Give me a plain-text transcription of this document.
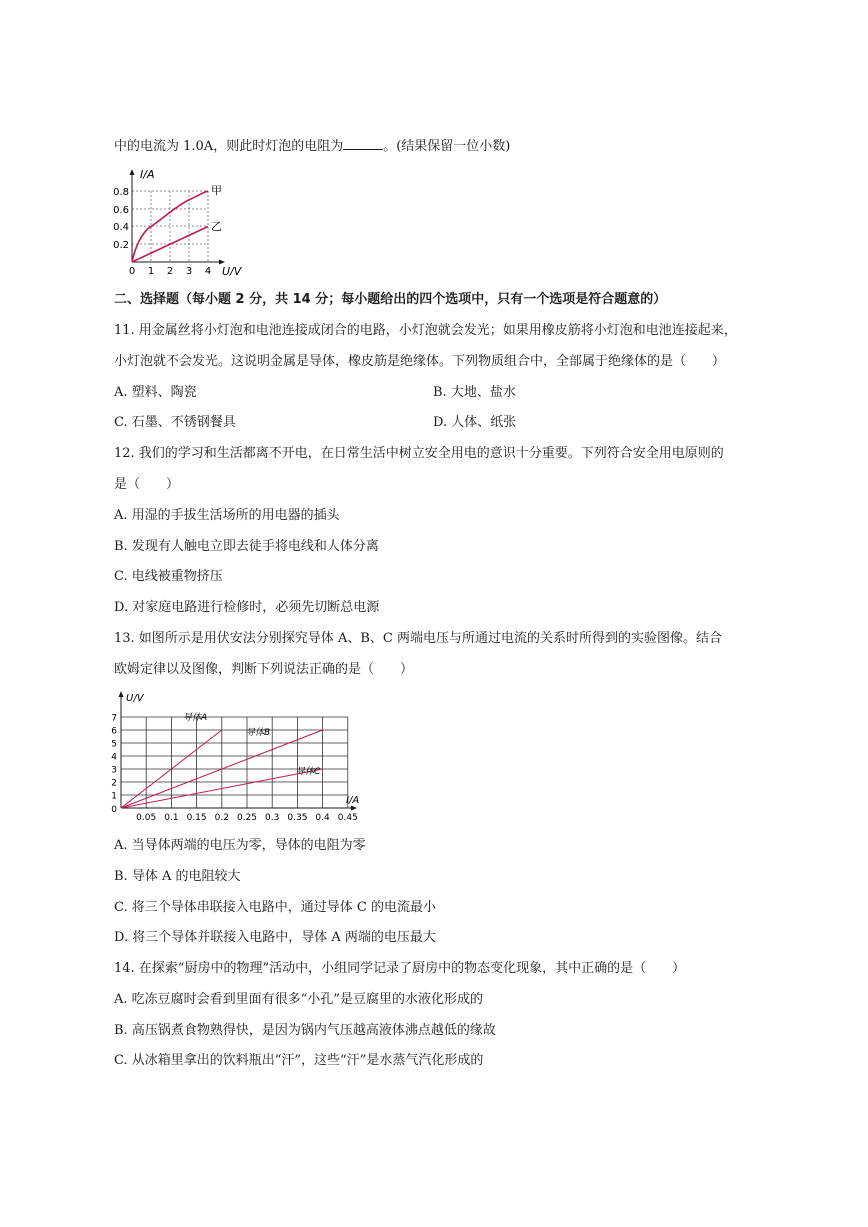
中的电流为 1.0A，则此时灯泡的电阻为	。(结果保留一位小数)
I/A
U/V
0.8
0.6
0.4
0.2
0 1 2 3 4
甲
乙
二、选择题（每小题 2 分，共 14 分；每小题给出的四个选项中，只有一个选项是符合题意的）
11. 用金属丝将小灯泡和电池连接成闭合的电路，小灯泡就会发光；如果用橡皮筋将小灯泡和电池连接起来，
小灯泡就不会发光。这说明金属是导体，橡皮筋是绝缘体。下列物质组合中，全部属于绝缘体的是（　　）
A. 塑料、陶瓷	B. 大地、盐水
C. 石墨、不锈钢餐具	D. 人体、纸张
12. 我们的学习和生活都离不开电，在日常生活中树立安全用电的意识十分重要。下列符合安全用电原则的
是（　　）
A. 用湿的手拔生活场所的用电器的插头
B. 发现有人触电立即去徒手将电线和人体分离
C. 电线被重物挤压
D. 对家庭电路进行检修时，必须先切断总电源
13. 如图所示是用伏安法分别探究导体 A、B、C 两端电压与所通过电流的关系时所得到的实验图像。结合
欧姆定律以及图像，判断下列说法正确的是（　　）
U/V
I/A
7
6
5
4
3
2
1
0
0.05 0.1 0.15 0.2 0.25 0.3 0.35 0.4 0.45
导体A
导体B
导体C
A. 当导体两端的电压为零，导体的电阻为零
B. 导体 A 的电阻较大
C. 将三个导体串联接入电路中，通过导体 C 的电流最小
D. 将三个导体并联接入电路中，导体 A 两端的电压最大
14. 在探索“厨房中的物理”活动中，小组同学记录了厨房中的物态变化现象，其中正确的是（　　）
A. 吃冻豆腐时会看到里面有很多“小孔”是豆腐里的水液化形成的
B. 高压锅煮食物熟得快，是因为锅内气压越高液体沸点越低的缘故
C. 从冰箱里拿出的饮料瓶出“汗”，这些“汗”是水蒸气汽化形成的
